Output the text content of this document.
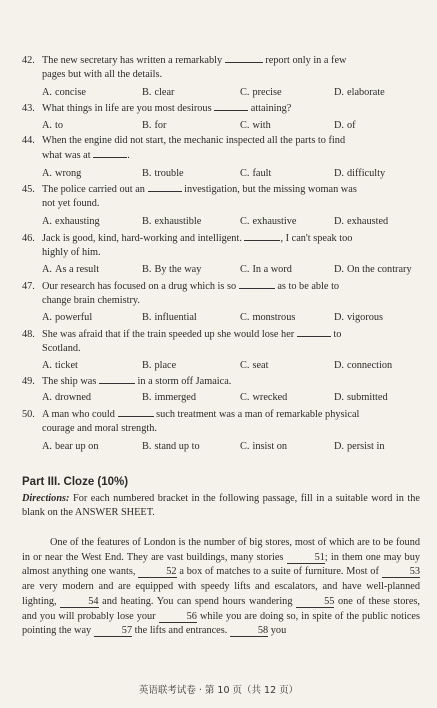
42. The new secretary has written a remarkably	report only in a few
pages but with all the details.
A. concise	B. clear	C. precise	D. elaborate
43. What things in life are you most desirous	attaining?
A. to	B. for	C. with	D. of
44. When the engine did not start, the mechanic inspected all the parts to find
what was at	.
A. wrong	B. trouble	C. fault	D. difficulty
45. The police carried out an	investigation, but the missing woman was
not yet found.
A. exhausting	B. exhaustible	C. exhaustive	D. exhausted
46. Jack is good, kind, hard-working and intelligent.	, I can't speak too
highly of him.
A. As a result	B. By the way	C. In a word	D. On the contrary
47. Our research has focused on a drug which is so	as to be able to
change brain chemistry.
A. powerful	B. influential	C. monstrous	D. vigorous
48. She was afraid that if the train speeded up she would lose her	to
Scotland.
A. ticket	B. place	C. seat	D. connection
49. The ship was	in a storm off Jamaica.
A. drowned	B. immerged	C. wrecked	D. submitted
50. A man who could	such treatment was a man of remarkable physical
courage and moral strength.
A. bear up on	B. stand up to	C. insist on	D. persist in
Part III. Cloze (10%)
Directions: For each numbered bracket in the following passage, fill in a suitable word in the blank on the ANSWER SHEET.

One of the features of London is the number of big stores, most of which are to be found in or near the West End. They are vast buildings, many stories	51; in them one may buy almost anything one wants,	52 a box of matches to a suite of furniture. Most of	53 are very modern and are equipped with speedy lifts and escalators, and have well-planned lighting,	54 and heating. You can spend hours wandering	55 one of these stores, and you will probably lose your	56 while you are doing so, in spite of the public notices pointing the way	57 the lifts and entrances.	58 you

英语联考试卷 · 第 10 页（共 12 页）
